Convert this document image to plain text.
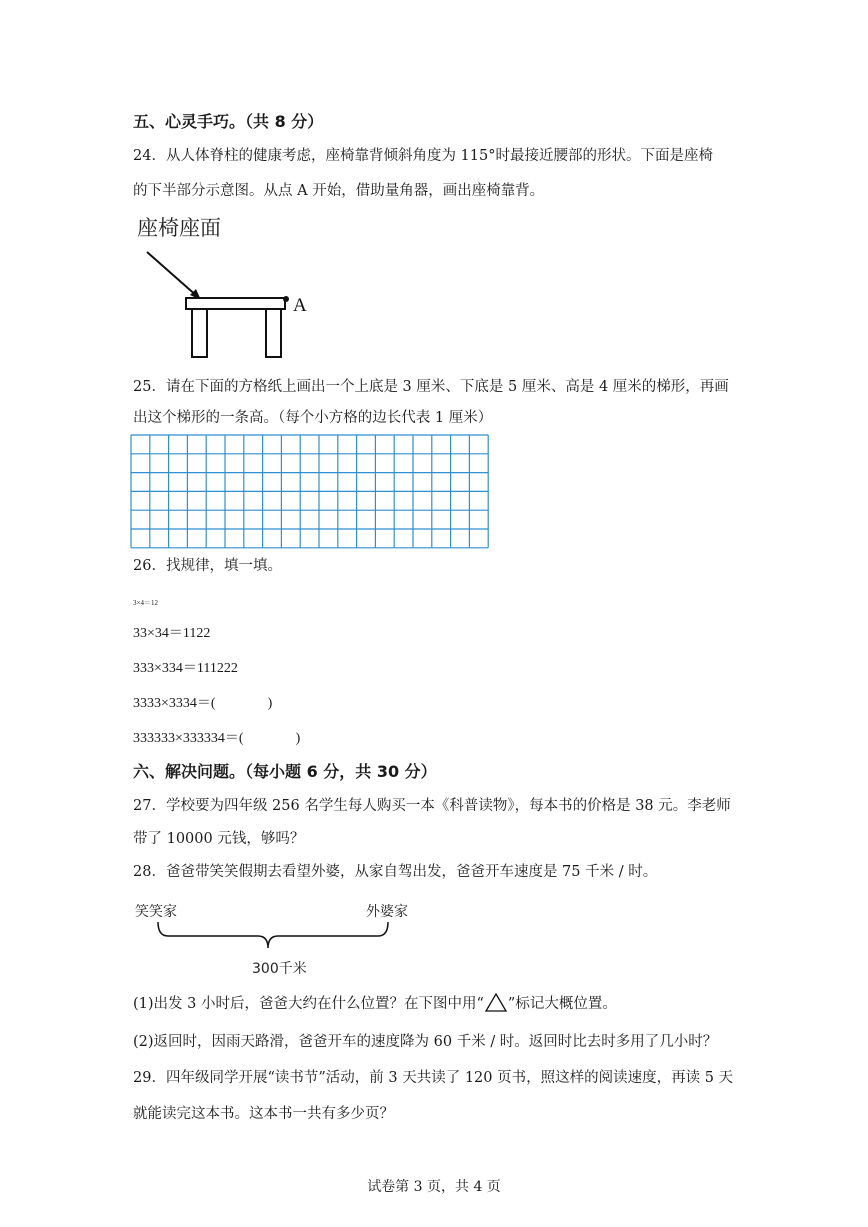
五、心灵手巧。（共 8 分）
24．从人体脊柱的健康考虑，座椅靠背倾斜角度为 115°时最接近腰部的形状。下面是座椅
的下半部分示意图。从点 A 开始，借助量角器，画出座椅靠背。
座椅座面
A
25．请在下面的方格纸上画出一个上底是 3 厘米、下底是 5 厘米、高是 4 厘米的梯形，再画
出这个梯形的一条高。（每个小方格的边长代表 1 厘米）
26．找规律，填一填。
3×4＝12
33×34＝1122
333×334＝111222
3333×3334＝(	)
333333×333334＝(	)
六、解决问题。（每小题 6 分，共 30 分）
27．学校要为四年级 256 名学生每人购买一本《科普读物》，每本书的价格是 38 元。李老师
带了 10000 元钱，够吗？
28．爸爸带笑笑假期去看望外婆，从家自驾出发，爸爸开车速度是 75 千米 / 时。
笑笑家	外婆家
300千米
(1)出发 3 小时后，爸爸大约在什么位置？在下图中用“ ”标记大概位置。
(2)返回时，因雨天路滑，爸爸开车的速度降为 60 千米 / 时。返回时比去时多用了几小时？
29．四年级同学开展“读书节”活动，前 3 天共读了 120 页书，照这样的阅读速度，再读 5 天
就能读完这本书。这本书一共有多少页？
试卷第 3 页，共 4 页
